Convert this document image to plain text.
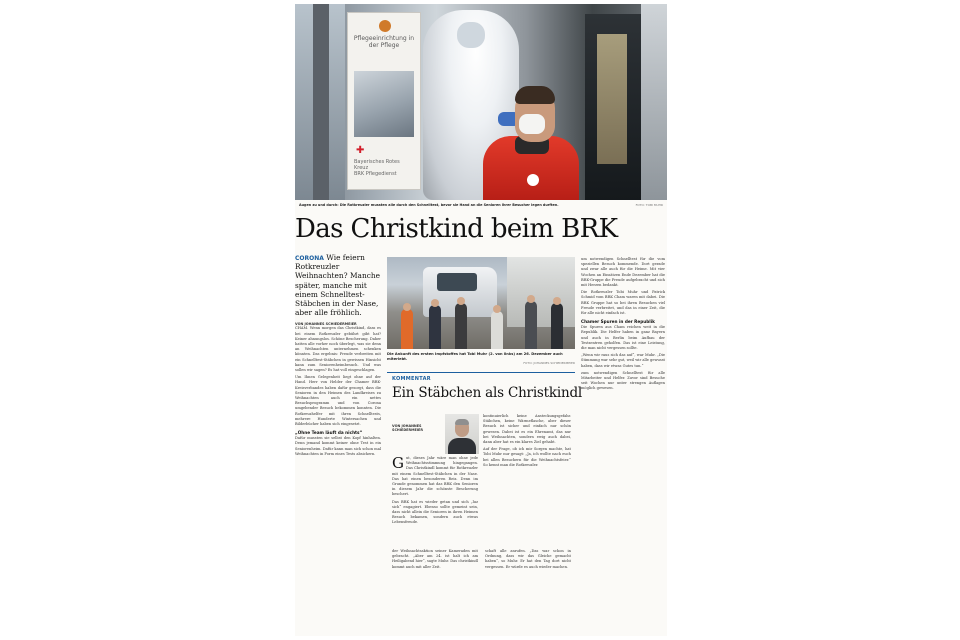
Pflegeeinrichtung in der Pflege
✚
Bayerisches Rotes Kreuz
BRK Pflegedienst
Augen zu und durch: Die Rotkreuzler mussten alle durch den Schnelltest, bevor sie Hand an die Senioren ihrer Besucher legen durften.	FOTO: TOBI MUHR
Das Christkind beim BRK
CORONA Wie feiern Rotkreuzler Weihnachten? Manche später, manche mit einem Schnelltest-Stäbchen in der Nase, aber alle fröhlich.
VON JOHANNES SCHIEDERMEIER
CHAM. Wenn morgen das Christkind, dass es bei einem Rotkreuzler gebührt gibt hat? Keiner ahnungslos. Schöne Bescherung. Daher hatten alle vorher noch überlegt, was sie denn an Weihnachten unternehmen schenken könnten. Das ergebnis: Freude verbreiten mit ein Schnelltest-Stäbchen in gewissen Hinsicht kann zum Seniorenheimbesuch. Und was sollen wir sagen? Es hat voll eingeschlagen.
Um Ihnen Gelegenheit liegt ohne auf der Hand. Herr von Helder der Chamer BRK-Kreisverbandes haben dafür gesorgt, dass die Senioren in den Heimen des Landkreises zu Weihnachten auch ein nettes Besuchsprogramm und von Corona umgebender Besuch bekommen konnten. Die Rotkreuzhelfer mit ihren Schnelltests, mehrere Hunderte Wintersachen und Bilderbücher haben sich eingesetzt.
„Ohne Team läuft da nichts“
Dafür mussten sie selbst den Kopf hinhalten. Denn jemand kommt keiner ohne Test in ein Seniorenheim. Dafür kann man sich schon mal Weihnachten in Form eines Tests absichern.
Die Ankunft des ersten Impfstoffes hat Tobi Muhr (2. von links) am 26. Dezember auch miterlebt.
FOTO: JOHANNES SCHIEDERMEIER
KOMMENTAR
Ein Stäbchen als Christkindl
VON JOHANNES SCHIEDERMEIER
Gut, dieses Jahr wäre man ohne jede Weihnachtsstimmung hingegangen. Das Christkindl kommt für Rotkreuzler mit einem Schnelltest-Stäbchen in der Nase. Das hat einen besonderen Reiz. Denn im Grunde genommen hat das BRK den Senioren in diesem Jahr die schönste Bescherung beschert.
Das BRK hat es wieder getan und sich „luz sich“ engagiert. Ebenso sollte gemeint sein, dass nicht allein die Senioren in ihren Heimen Besuch bekamen, sondern auch etwas Lebensfreude.
kontinuierlich keine Ansteckungsgefahr. Stäbchen, keine Wärmeflasche, aber dieser Besuch ist sicher und einfach nur schön gewesen. Dabei ist es ein Ehrenamt, das nur bei Weihnachten, sondern ewig auch dabei, dann aber hat es ein klares Ziel gehabt.
Auf der Frage, ob ich mir Sorgen machte, hat Tobi Muhr nur gesagt: „Ja, ich wollte nach euch bei allen Besuchern für die Weihnachtsfeier.“ So kennt man die Rotkreuzler.
der Weihnachtsaktion seiner Kameraden mit gebracht. „Aber am 24. ist halt ich am Heiligabend hier“, sagte Muhr. Das christkindl kommt auch mit aller Zeit.
schaft alle anrufen. „Das war schon in Ordnung, dass wir das Gleiche gemacht haben“, so Muhr. Er hat den Tag dort nicht vergessen. Er würde es auch wieder machen.
um notwendigen Schnelltest für die vom speziellen Besuch kommende. Dort gerade und zwar alle auch für die Heime. Mit vier Wochen an Einsätzen Ende Dezember hat die BRK-Gruppe die Freude aufgebracht und sich mit Herzen bedankt.
Die Rotkreuzler Tobi Muhr und Patrick Schmid vom BRK Cham waren mit dabei. Die BRK Gruppe hat so bei ihren Besuchen viel Freude verbreitet, und das in einer Zeit, die für alle nicht einfach ist.
Chamer Spuren in der Republik
Die Spuren aus Cham reichen weit in die Republik. Die Helfer haben in ganz Bayern und auch in Berlin beim Aufbau der Testzentren geholfen. Das ist eine Leistung, die man nicht vergessen sollte.
„Wenn wir raus sich das auf“, war Muhr. „Die Stimmung war sehr gut, weil wir alle gewusst haben, dass wir etwas Gutes tun.“
zum notwendigen Schnelltest für alle Mitarbeiter und Helfer. Zuvor sind Besuche seit Wochen nur unter strengen Auflagen möglich gewesen.
